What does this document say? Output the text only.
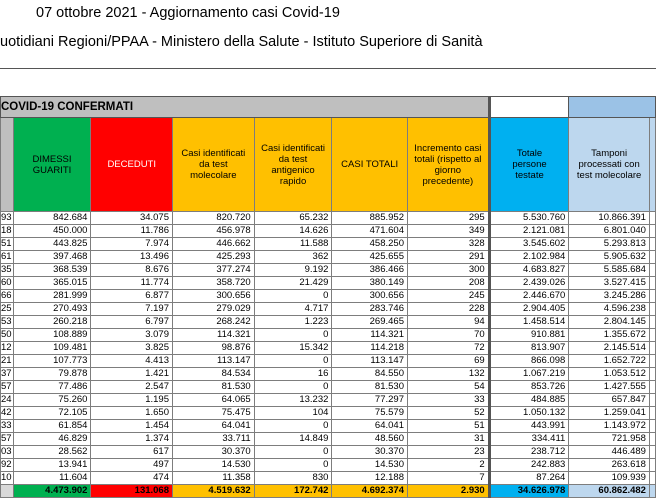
07 ottobre 2021 - Aggiornamento casi Covid-19
uotidiani Regioni/PPAA - Ministero della Salute - Istituto Superiore di Sanità
COVID-19 CONFERMATI									

	DIMESSI GUARITI	DECEDUTI	Casi identificati da test molecolare	Casi identificati da test antigenico rapido	CASI TOTALI	Incremento casi totali (rispetto al giorno precedente)	Totale persone testate	Tamponi processati con test molecolare	

93	842.684	34.075	820.720	65.232	885.952	295	5.530.760	10.866.391	
18	450.000	11.786	456.978	14.626	471.604	349	2.121.081	6.801.040	
51	443.825	7.974	446.662	11.588	458.250	328	3.545.602	5.293.813	
61	397.468	13.496	425.293	362	425.655	291	2.102.984	5.905.632	
35	368.539	8.676	377.274	9.192	386.466	300	4.683.827	5.585.684	
60	365.015	11.774	358.720	21.429	380.149	208	2.439.026	3.527.415	
66	281.999	6.877	300.656	0	300.656	245	2.446.670	3.245.286	
25	270.493	7.197	279.029	4.717	283.746	228	2.904.405	4.596.238	
53	260.218	6.797	268.242	1.223	269.465	94	1.458.514	2.804.145	
50	108.889	3.079	114.321	0	114.321	70	910.881	1.355.672	
12	109.481	3.825	98.876	15.342	114.218	72	813.907	2.145.514	
21	107.773	4.413	113.147	0	113.147	69	866.098	1.652.722	
37	79.878	1.421	84.534	16	84.550	132	1.067.219	1.053.512	
57	77.486	2.547	81.530	0	81.530	54	853.726	1.427.555	
24	75.260	1.195	64.065	13.232	77.297	33	484.885	657.847	
42	72.105	1.650	75.475	104	75.579	52	1.050.132	1.259.041	
33	61.854	1.454	64.041	0	64.041	51	443.991	1.143.972	
57	46.829	1.374	33.711	14.849	48.560	31	334.411	721.958	
03	28.562	617	30.370	0	30.370	23	238.712	446.489	
92	13.941	497	14.530	0	14.530	2	242.883	263.618	
10	11.604	474	11.358	830	12.188	7	87.264	109.939	
	4.473.902	131.068	4.519.632	172.742	4.692.374	2.930	34.626.978	60.862.482	
